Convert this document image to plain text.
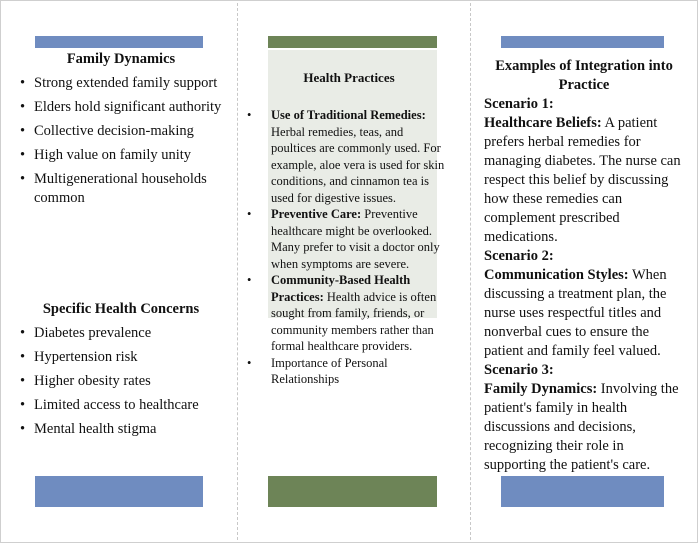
Family Dynamics
• Strong extended family support
• Elders hold significant authority
• Collective decision-making
• High value on family unity
• Multigenerational households common
Specific Health Concerns
• Diabetes prevalence
• Hypertension risk
• Higher obesity rates
• Limited access to healthcare
• Mental health stigma
Health Practices
• Use of Traditional Remedies: Herbal remedies, teas, and poultices are commonly used. For example, aloe vera is used for skin conditions, and cinnamon tea is used for digestive issues.
• Preventive Care: Preventive healthcare might be overlooked. Many prefer to visit a doctor only when symptoms are severe.
• Community-Based Health Practices: Health advice is often sought from family, friends, or community members rather than formal healthcare providers.
• Importance of Personal Relationships
Examples of Integration into Practice
Scenario 1:
Healthcare Beliefs: A patient prefers herbal remedies for managing diabetes. The nurse can respect this belief by discussing how these remedies can complement prescribed medications.
Scenario 2:
Communication Styles: When discussing a treatment plan, the nurse uses respectful titles and nonverbal cues to ensure the patient and family feel valued.
Scenario 3:
Family Dynamics: Involving the patient's family in health discussions and decisions, recognizing their role in supporting the patient's care.
